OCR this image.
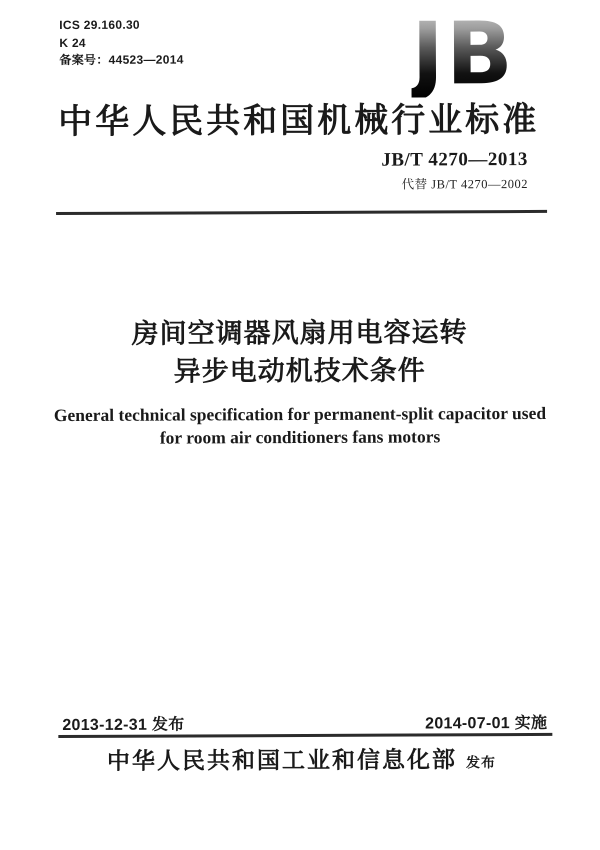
ICS 29.160.30
K 24
备案号：44523—2014	JB
中华人民共和国机械行业标准
JB/T 4270—2013
代替 JB/T 4270—2002
房间空调器风扇用电容运转
异步电动机技术条件
General technical specification for permanent-split capacitor used
for room air conditioners fans motors
2013-12-31 发布	2014-07-01 实施
中华人民共和国工业和信息化部 发布
